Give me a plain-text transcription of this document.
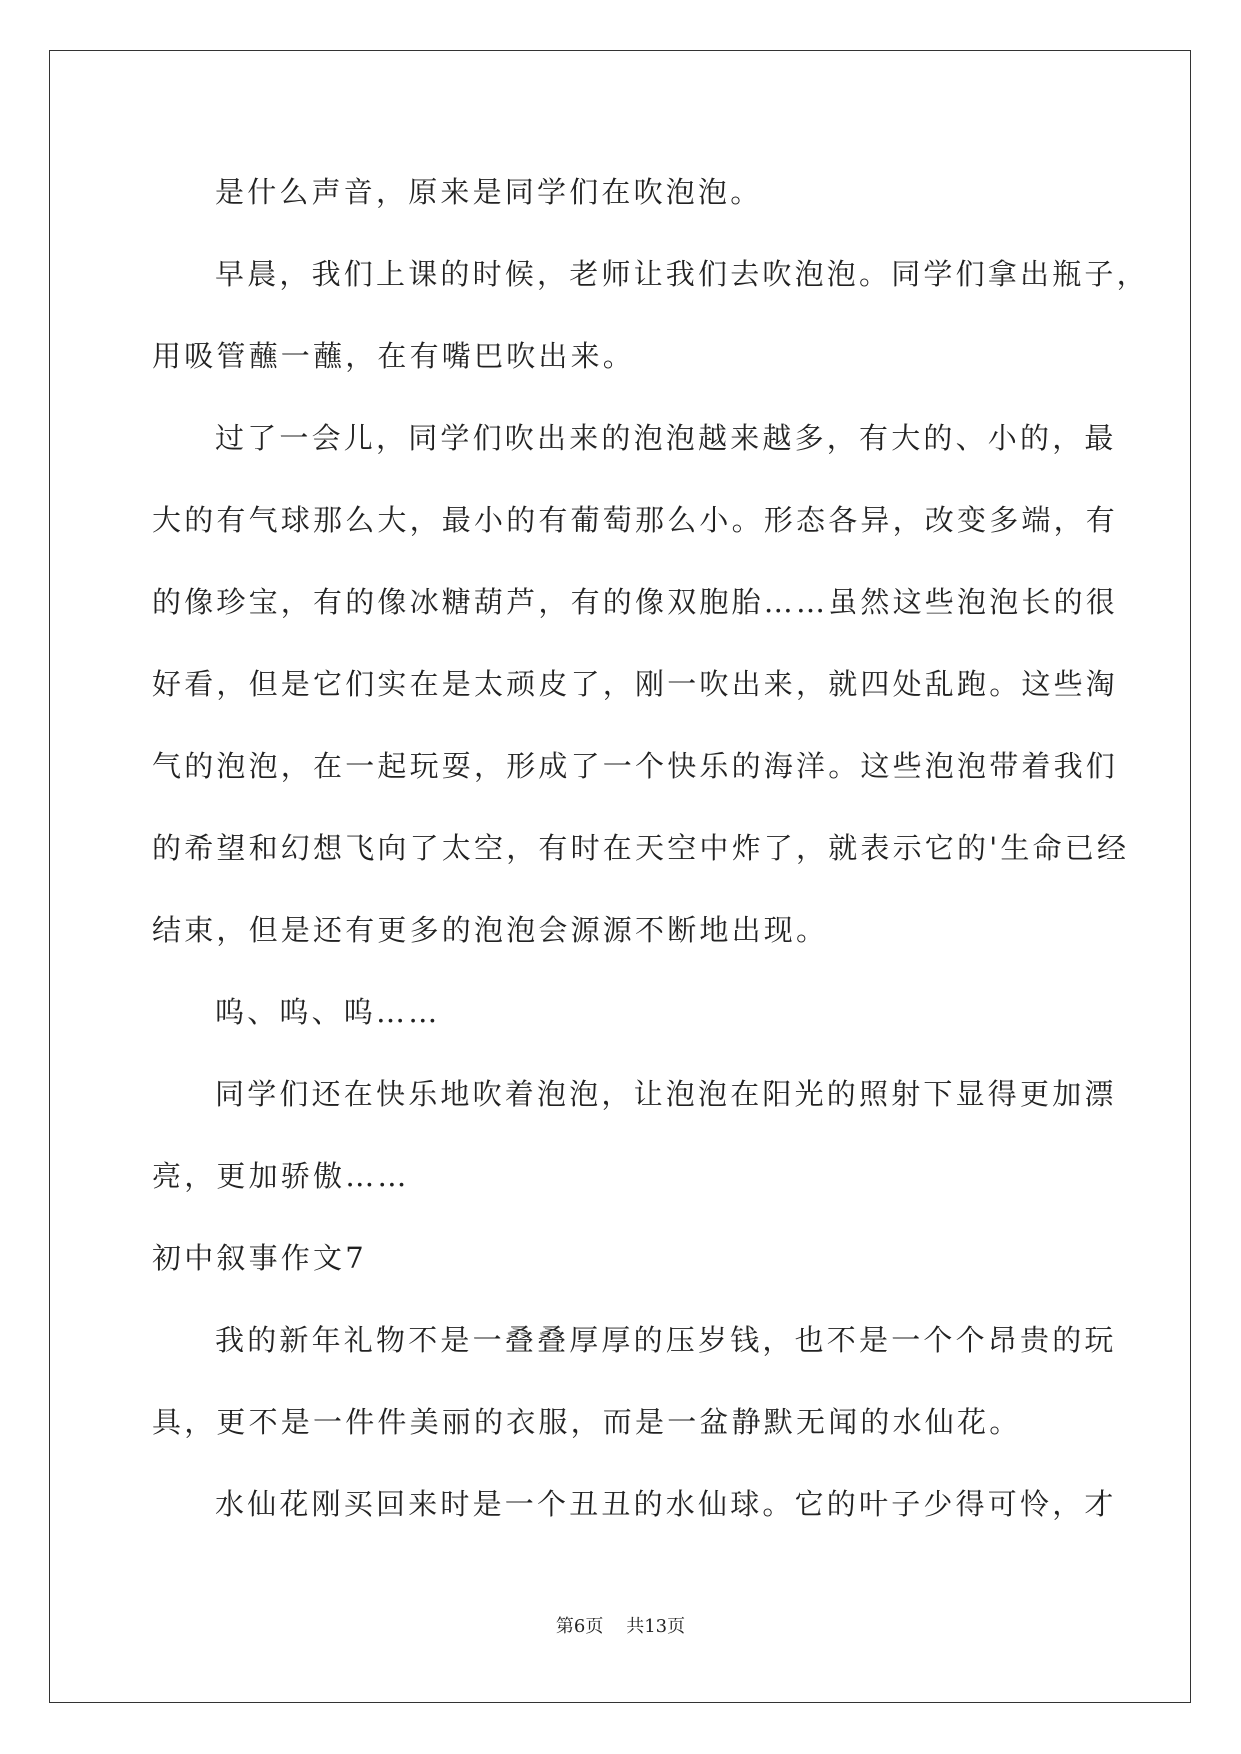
是什么声音，原来是同学们在吹泡泡。
早晨，我们上课的时候，老师让我们去吹泡泡。同学们拿出瓶子，
用吸管蘸一蘸，在有嘴巴吹出来。
过了一会儿，同学们吹出来的泡泡越来越多，有大的、小的，最
大的有气球那么大，最小的有葡萄那么小。形态各异，改变多端，有
的像珍宝，有的像冰糖葫芦，有的像双胞胎……虽然这些泡泡长的很
好看，但是它们实在是太顽皮了，刚一吹出来，就四处乱跑。这些淘
气的泡泡，在一起玩耍，形成了一个快乐的海洋。这些泡泡带着我们
的希望和幻想飞向了太空，有时在天空中炸了，就表示它的'生命已经
结束，但是还有更多的泡泡会源源不断地出现。
呜、呜、呜……
同学们还在快乐地吹着泡泡，让泡泡在阳光的照射下显得更加漂
亮，更加骄傲……
初中叙事作文7
我的新年礼物不是一叠叠厚厚的压岁钱，也不是一个个昂贵的玩
具，更不是一件件美丽的衣服，而是一盆静默无闻的水仙花。
水仙花刚买回来时是一个丑丑的水仙球。它的叶子少得可怜，才
第6页 共13页
